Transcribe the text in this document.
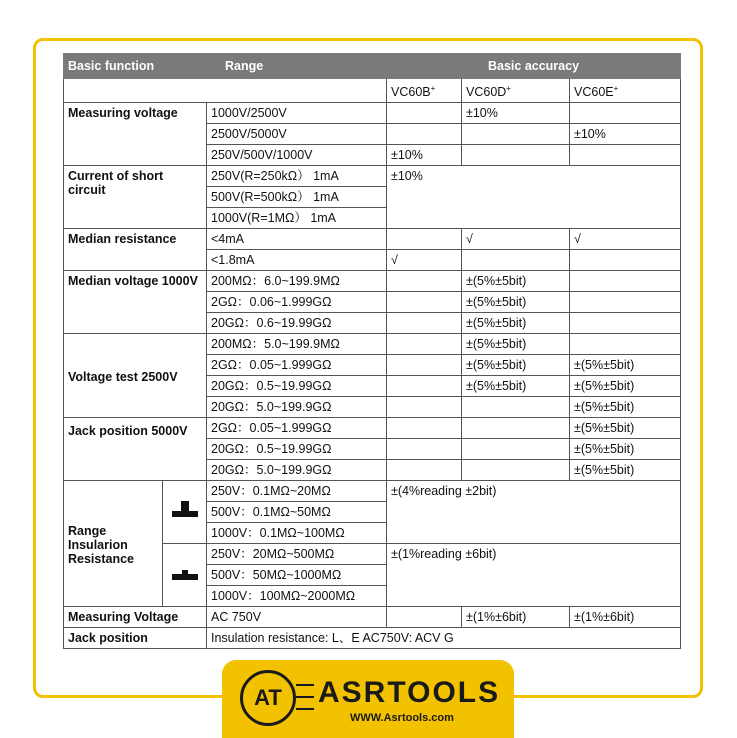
Basic function		Range	Basic accuracy		
			VC60B+	VC60D+	VC60E+
Measuring voltage		1000V/2500V		±10%	
		2500V/5000V			±10%
		250V/500V/1000V	±10%		
Current of short circuit		250V(R=250kΩ） 1mA	±10%		
		500V(R=500kΩ） 1mA			
		1000V(R=1MΩ） 1mA			
Median resistance		<4mA		√	√
		<1.8mA	√		
Median voltage 1000V		200MΩ：6.0~199.9MΩ		±(5%±5bit)	
		2GΩ：0.06~1.999GΩ		±(5%±5bit)	
		20GΩ：0.6~19.99GΩ		±(5%±5bit)	
Voltage test 2500V		200MΩ：5.0~199.9MΩ		±(5%±5bit)	
		2GΩ：0.05~1.999GΩ		±(5%±5bit)	±(5%±5bit)
		20GΩ：0.5~19.99GΩ		±(5%±5bit)	±(5%±5bit)
		20GΩ：5.0~199.9GΩ			±(5%±5bit)
Jack position 5000V		2GΩ：0.05~1.999GΩ			±(5%±5bit)
		20GΩ：0.5~19.99GΩ			±(5%±5bit)
		20GΩ：5.0~199.9GΩ			±(5%±5bit)
Range Insularion Resistance		250V：0.1MΩ~20MΩ	±(4%reading ±2bit)		
		500V：0.1MΩ~50MΩ			
		1000V：0.1MΩ~100MΩ			

		250V：20MΩ~500MΩ	±(1%reading ±6bit)		
		500V：50MΩ~1000MΩ			
		1000V：100MΩ~2000MΩ			
Measuring Voltage		AC 750V		±(1%±6bit)	±(1%±6bit)
Jack position		Insulation resistance: L、E AC750V: ACV G			
AT	ASRTOOLS
WWW.Asrtools.com
